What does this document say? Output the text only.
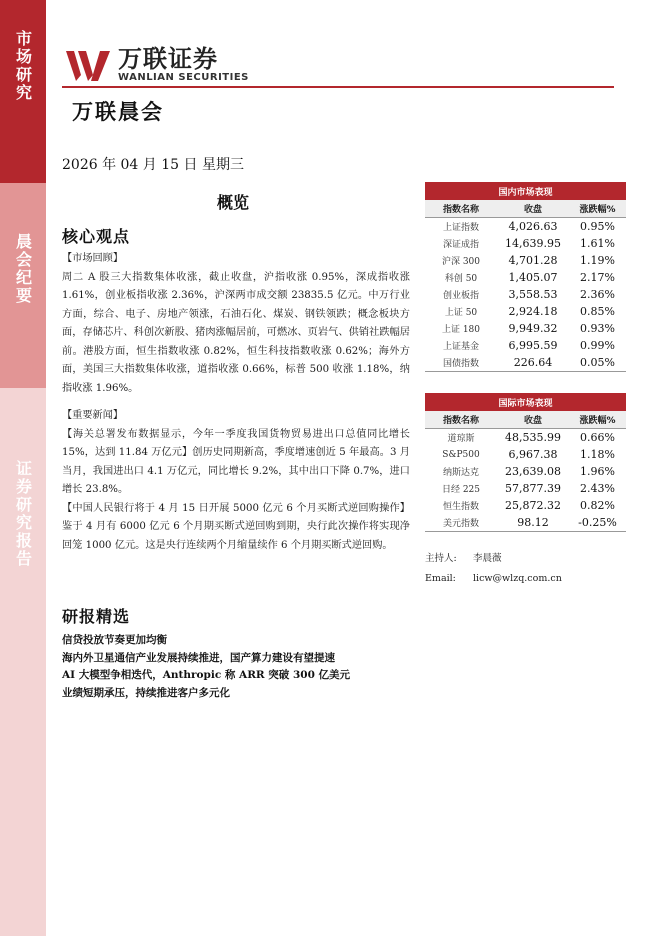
市场研究
晨会纪要
证券研究报告
万联证券
WANLIAN SECURITIES
万联晨会
2026 年 04 月 15 日 星期三
概览
核心观点

【市场回顾】

周二 A 股三大指数集体收涨，截止收盘，沪指收涨 0.95%，深成指收涨 1.61%，创业板指收涨 2.36%，沪深两市成交额 23835.5 亿元。中万行业方面，综合、电子、房地产领涨，石油石化、煤炭、钢铁领跌；概念板块方面，存储芯片、科创次新股、猪肉涨幅居前，可燃冰、页岩气、供销社跌幅居前。港股方面，恒生指数收涨 0.82%，恒生科技指数收涨 0.62%；海外方面，美国三大指数集体收涨，道指收涨 0.66%，标普 500 收涨 1.18%，纳指收涨 1.96%。

【重要新闻】

【海关总署发布数据显示，今年一季度我国货物贸易进出口总值同比增长 15%，达到 11.84 万亿元】创历史同期新高，季度增速创近 5 年最高。3 月当月，我国进出口 4.1 万亿元，同比增长 9.2%，其中出口下降 0.7%，进口增长 23.8%。

【中国人民银行将于 4 月 15 日开展 5000 亿元 6 个月买断式逆回购操作】鉴于 4 月有 6000 亿元 6 个月期买断式逆回购到期，央行此次操作将实现净回笼 1000 亿元。这是央行连续两个月缩量续作 6 个月期买断式逆回购。

国内市场表现		
指数名称	收盘	涨跌幅%
上证指数	4,026.63	0.95%
深证成指	14,639.95	1.61%
沪深 300	4,701.28	1.19%
科创 50	1,405.07	2.17%
创业板指	3,558.53	2.36%
上证 50	2,924.18	0.85%
上证 180	9,949.32	0.93%
上证基金	6,995.59	0.99%
国债指数	226.64	0.05%
国际市场表现		
指数名称	收盘	涨跌幅%
道琼斯	48,535.99	0.66%
S&P500	6,967.38	1.18%
纳斯达克	23,639.08	1.96%
日经 225	57,877.39	2.43%
恒生指数	25,872.32	0.82%
美元指数	98.12	-0.25%
主持人: 李晨薇
Email: licw@wlzq.com.cn
研报精选
信贷投放节奏更加均衡
海内外卫星通信产业发展持续推进，国产算力建设有望提速
AI 大模型争相迭代，Anthropic 称 ARR 突破 300 亿美元
业绩短期承压，持续推进客户多元化
